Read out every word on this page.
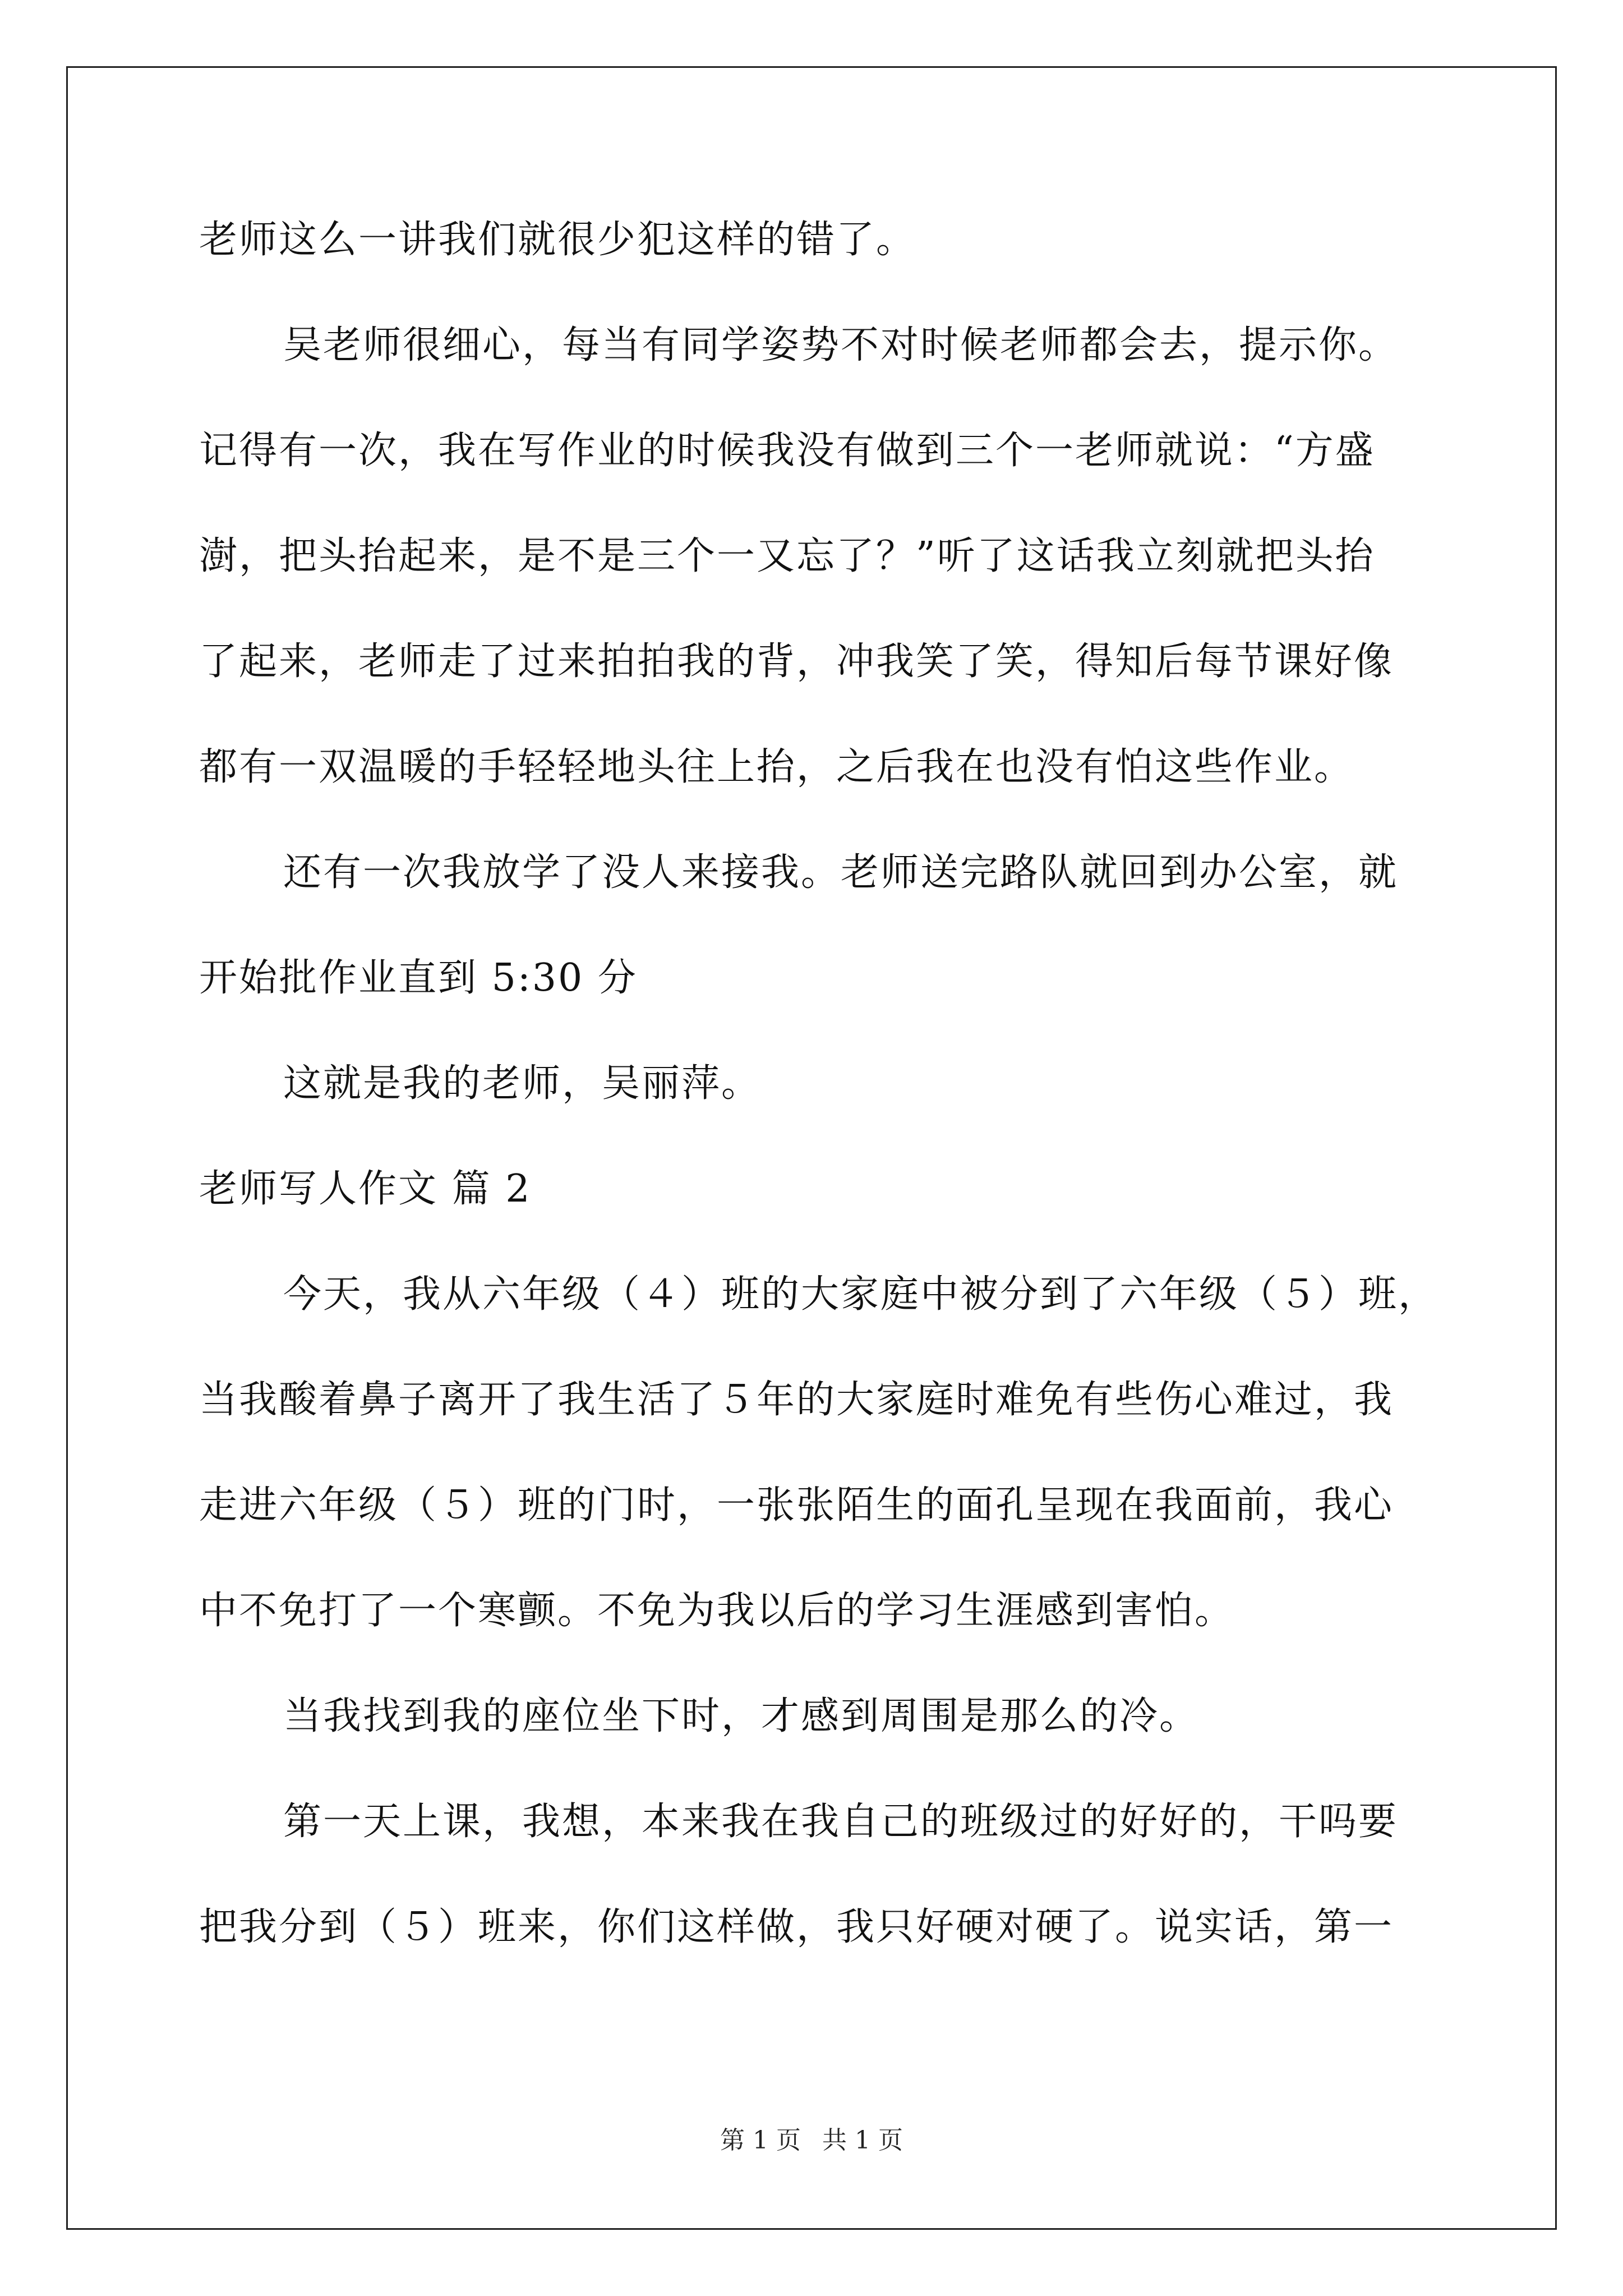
老师这么一讲我们就很少犯这样的错了。
吴老师很细心，每当有同学姿势不对时候老师都会去，提示你。
记得有一次，我在写作业的时候我没有做到三个一老师就说：“方盛
澍，把头抬起来，是不是三个一又忘了？”听了这话我立刻就把头抬
了起来，老师走了过来拍拍我的背，冲我笑了笑，得知后每节课好像
都有一双温暖的手轻轻地头往上抬，之后我在也没有怕这些作业。
还有一次我放学了没人来接我。老师送完路队就回到办公室，就
开始批作业直到 5:30 分
这就是我的老师，吴丽萍。
老师写人作文 篇 2
今天，我从六年级（４）班的大家庭中被分到了六年级（５）班，
当我酸着鼻子离开了我生活了５年的大家庭时难免有些伤心难过，我
走进六年级（５）班的门时，一张张陌生的面孔呈现在我面前，我心
中不免打了一个寒颤。不免为我以后的学习生涯感到害怕。
当我找到我的座位坐下时，才感到周围是那么的冷。
第一天上课，我想，本来我在我自己的班级过的好好的，干吗要
把我分到（５）班来，你们这样做，我只好硬对硬了。说实话，第一
第 1 页 共 1 页
